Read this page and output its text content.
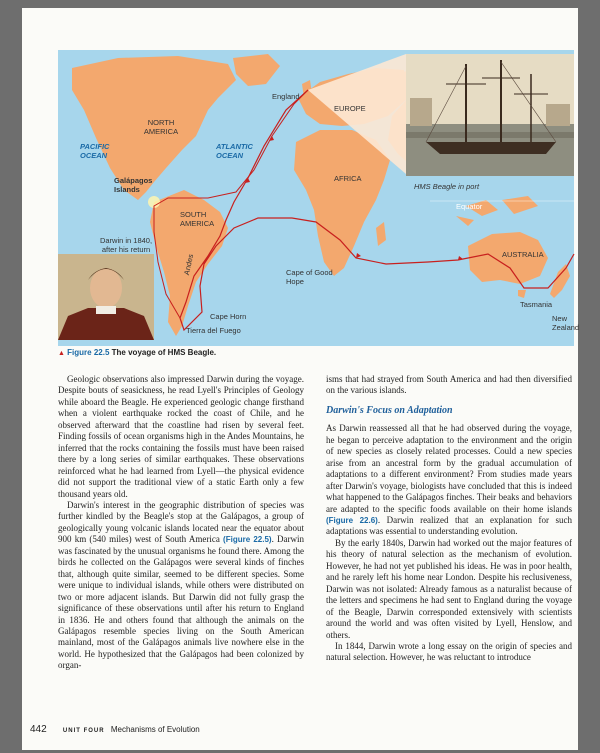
England
EUROPE
NORTH AMERICA
PACIFIC OCEAN
ATLANTIC OCEAN
Galápagos Islands
SOUTH AMERICA
AFRICA
Equator
AUSTRALIA
Tasmania
New Zealand
Cape of Good Hope
Cape Horn
Tierra del Fuego
Andes
Darwin in 1840, after his return
HMS Beagle in port
▲ Figure 22.5 The voyage of HMS Beagle.

Geologic observations also impressed Darwin during the voyage. Despite bouts of seasickness, he read Lyell's Principles of Geology while aboard the Beagle. He experienced geologic change firsthand when a violent earthquake rocked the coast of Chile, and he observed afterward that the coastline had risen by several feet. Finding fossils of ocean organisms high in the Andes Mountains, he inferred that the rocks containing the fossils must have been raised there by a long series of similar earthquakes. These observations reinforced what he had learned from Lyell—the physical evidence did not support the traditional view of a static Earth only a few thousand years old.

Darwin's interest in the geographic distribution of species was further kindled by the Beagle's stop at the Galápagos, a group of geologically young volcanic islands located near the equator about 900 km (540 miles) west of South America (Figure 22.5). Darwin was fascinated by the unusual organisms he found there. Among the birds he collected on the Galápagos were several kinds of finches that, although quite similar, seemed to be different species. Some were unique to individual islands, while others were distributed on two or more adjacent islands. But Darwin did not fully grasp the significance of these observations until after his return to England in 1836. He and others found that although the animals on the Galápagos resemble species living on the South American mainland, most of the Galápagos animals live nowhere else in the world. He hypothesized that the Galápagos had been colonized by organ-

isms that had strayed from South America and had then diversified on the various islands.

Darwin's Focus on Adaptation

As Darwin reassessed all that he had observed during the voyage, he began to perceive adaptation to the environment and the origin of new species as closely related processes. Could a new species arise from an ancestral form by the gradual accumulation of adaptations to a different environment? From studies made years after Darwin's voyage, biologists have concluded that this is indeed what happened to the Galápagos finches. Their beaks and behaviors are adapted to the specific foods available on their home islands (Figure 22.6). Darwin realized that an explanation for such adaptations was essential to understanding evolution.

By the early 1840s, Darwin had worked out the major features of his theory of natural selection as the mechanism of evolution. However, he had not yet published his ideas. He was in poor health, and he rarely left his home near London. Despite his reclusiveness, Darwin was not isolated: Already famous as a naturalist because of the letters and specimens he had sent to England during the voyage of the Beagle, Darwin corresponded extensively with scientists around the world and was often visited by Lyell, Henslow, and others.

In 1844, Darwin wrote a long essay on the origin of species and natural selection. However, he was reluctant to introduce

442	UNIT FOUR Mechanisms of Evolution
